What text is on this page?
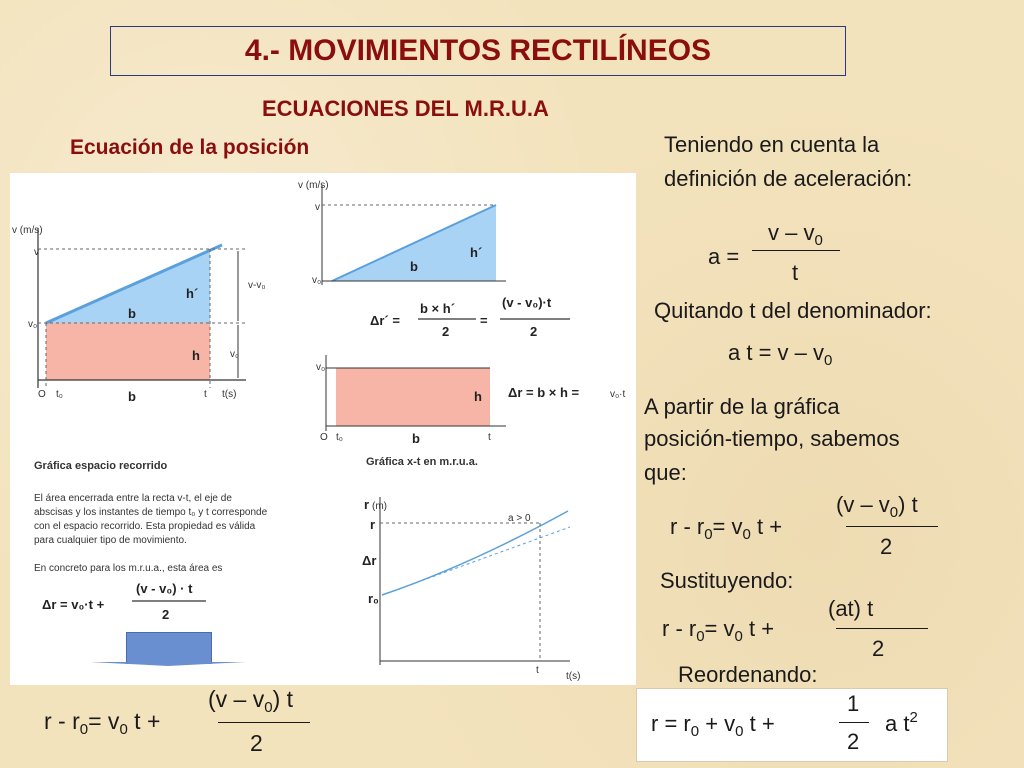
4.- MOVIMIENTOS RECTILÍNEOS
ECUACIONES DEL M.R.U.A
Ecuación de la posición
v (m/s)
v
v₀
b
h´
h
v-v₀
v₀
O t₀	t t(s)
b
v (m/s)
v
v₀
b
h´
Δr´ =
b × h´
2
=
(v - v₀)·t
2
v₀
h
O t₀	t
b
Δr = b × h =	v₀·t
Gráfica espacio recorrido	Gráfica x-t en m.r.u.a.
El área encerrada entre la recta v-t, el eje de
abscisas y los instantes de tiempo t₀ y t corresponde
con el espacio recorrido. Esta propiedad es válida
para cualquier tipo de movimiento.
En concreto para los m.r.u.a., esta área es
Δr = v₀·t +
(v - v₀) · t
2
r (m)
r
Δr
r₀
a > 0
t
t(s)
$r - r_0= v_0$ t +
$(v - v_0)$ t
2
Teniendo en cuenta la
definición de aceleración:
a =
v – $v_0$
t
Quitando t del denominador:
a $t = v - v_0$
A partir de la gráfica
posición-tiempo, sabemos
que:
$r - r_0= v_0$ t +
$(v - v_0)$ t
2
Sustituyendo:
$r - r_0= v_0$ t +
(at) t
2
Reordenando:
$r = r_0 + v_0$ t +
1
2
a $t^2$
